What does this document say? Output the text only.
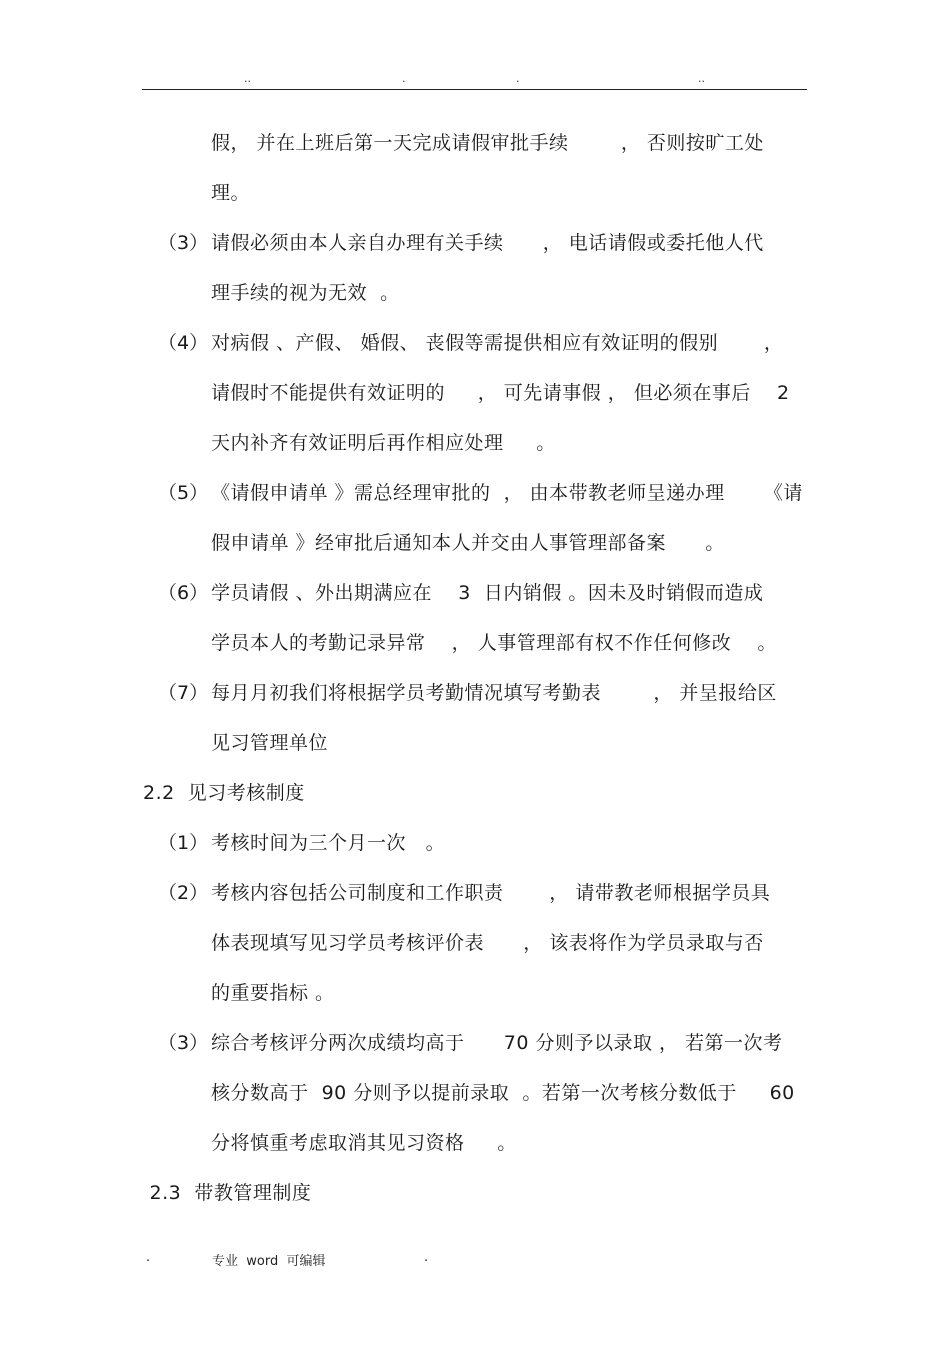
..	.	.	..
假， 并在上班后第一天完成请假审批手续        ， 否则按旷工处
理。
（3） 请假必须由本人亲自办理有关手续      ， 电话请假或委托他人代
理手续的视为无效  。
（4） 对病假 、产假、 婚假、 丧假等需提供相应有效证明的假别       ，
请假时不能提供有效证明的     ， 可先请事假 ， 但必须在事后    2
天内补齐有效证明后再作相应处理     。
（5） 《请假申请单 》需总经理审批的  ， 由本带教老师呈递办理      《请
假申请单 》经审批后通知本人并交由人事管理部备案      。
（6） 学员请假 、外出期满应在    3  日内销假 。因未及时销假而造成
学员本人的考勤记录异常    ， 人事管理部有权不作任何修改    。
（7） 每月月初我们将根据学员考勤情况填写考勤表        ， 并呈报给区
见习管理单位
2.2  见习考核制度
（1） 考核时间为三个月一次   。
（2） 考核内容包括公司制度和工作职责       ， 请带教老师根据学员具
体表现填写见习学员考核评价表      ， 该表将作为学员录取与否
的重要指标 。
（3） 综合考核评分两次成绩均高于      70 分则予以录取 ， 若第一次考
核分数高于  90 分则予以提前录取  。若第一次考核分数低于     60
分将慎重考虑取消其见习资格     。
2.3  带教管理制度
.	专业  word  可编辑	.
